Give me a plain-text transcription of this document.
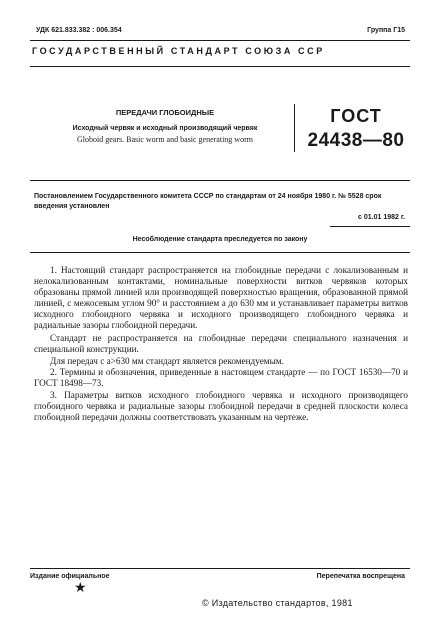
УДК 621.833.382 : 006.354	Группа Г15
ГОСУДАРСТВЕННЫЙ СТАНДАРТ СОЮЗА ССР
ПЕРЕДАЧИ ГЛОБОИДНЫЕ
Исходный червяк и исходный производящий червяк
Globoid gears. Basic worm and basic generating worm
ГОСТ
24438—80
Постановлением Государственного комитета СССР по стандартам от 24 ноября 1980 г. № 5528 срок введения установлен
с 01.01 1982 г.
Несоблюдение стандарта преследуется по закону

1. Настоящий стандарт распространяется на глобоидные передачи с локализованным и нелокализованным контактами, номинальные поверхности витков червяков которых образованы прямой линией или производящей поверхностью вращения, образованной прямой линией, с межосевым углом 90° и расстоянием a до 630 мм и устанавливает параметры витков исходного глобоидного червяка и исходного производящего глобоидного червяка и радиальные зазоры глобоидной передачи.

Стандарт не распространяется на глобоидные передачи специального назначения и специальной конструкции.

Для передач с a>630 мм стандарт является рекомендуемым.

2. Термины и обозначения, приведенные в настоящем стандарте — по ГОСТ 16530—70 и ГОСТ 18498—73.

3. Параметры витков исходного глобоидного червяка и исходного производящего глобоидного червяка и радиальные зазоры глобоидной передачи в средней плоскости колеса глобоидной передачи должны соответствовать указанным на чертеже.

Издание официальное	Перепечатка воспрещена
★
© Издательство стандартов, 1981
